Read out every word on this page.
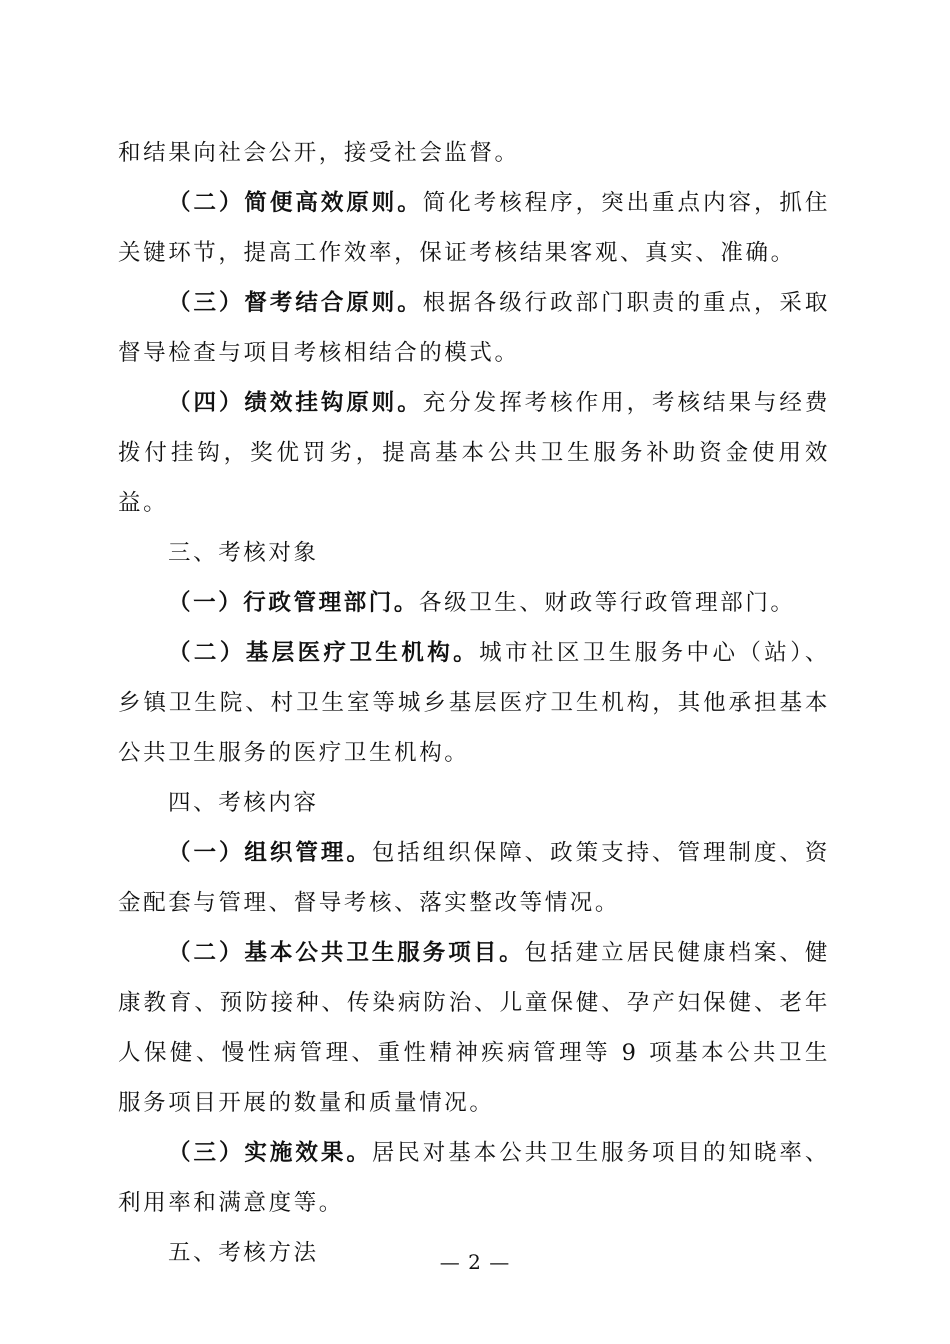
和结果向社会公开，接受社会监督。

（二）简便高效原则。简化考核程序，突出重点内容，抓住关键环节，提高工作效率，保证考核结果客观、真实、准确。

（三）督考结合原则。根据各级行政部门职责的重点，采取督导检查与项目考核相结合的模式。

（四）绩效挂钩原则。充分发挥考核作用，考核结果与经费拨付挂钩，奖优罚劣，提高基本公共卫生服务补助资金使用效益。

三、考核对象

（一）行政管理部门。各级卫生、财政等行政管理部门。

（二）基层医疗卫生机构。城市社区卫生服务中心（站）、乡镇卫生院、村卫生室等城乡基层医疗卫生机构，其他承担基本公共卫生服务的医疗卫生机构。

四、考核内容

（一）组织管理。包括组织保障、政策支持、管理制度、资金配套与管理、督导考核、落实整改等情况。

（二）基本公共卫生服务项目。包括建立居民健康档案、健康教育、预防接种、传染病防治、儿童保健、孕产妇保健、老年人保健、慢性病管理、重性精神疾病管理等 9 项基本公共卫生服务项目开展的数量和质量情况。

（三）实施效果。居民对基本公共卫生服务项目的知晓率、利用率和满意度等。

五、考核方法	— 2 —
